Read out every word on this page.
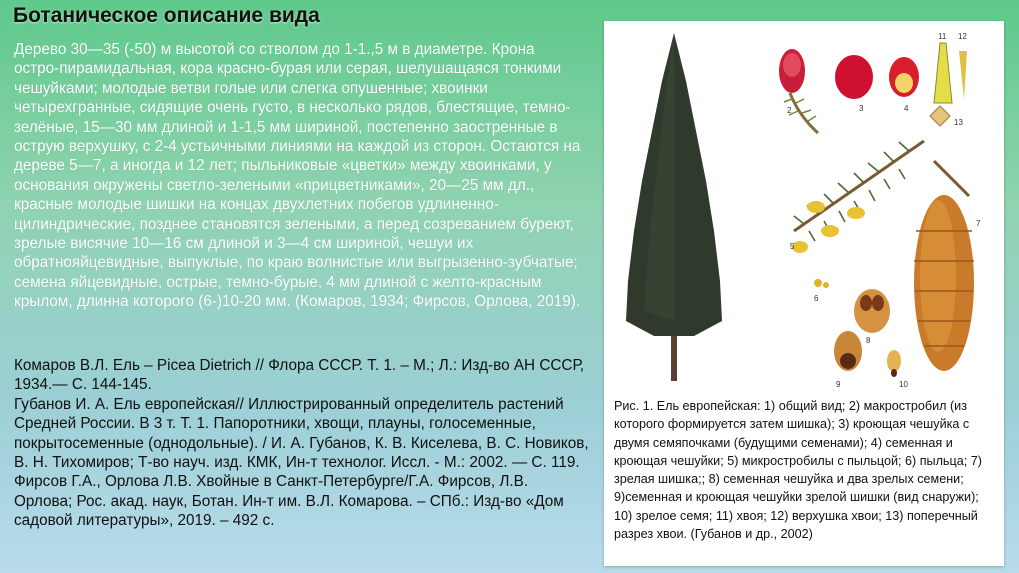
Ботаническое описание вида

Дерево 30—35 (-50) м высотой со стволом до 1-1.,5 м в диаметре. Крона остро-пирамидальная, кора красно-бурая или серая, шелушащаяся тонкими чешуйками; молодые ветви голые или слегка опушенные; хвоинки четырехгранные, сидящие очень густо, в несколько рядов, блестящие, темно-зелёные, 15—30 мм длиной и 1-1,5 мм шириной, постепенно заостренные в острую верхушку, с 2-4 устьичными линиями на каждой из сторон. Остаются на дереве 5—7, а иногда и 12 лет; пыльниковые «цветки» между хвоинками, у основания окружены светло-зелеными «прицветниками», 20—25 мм дл., красные молодые шишки на концах двухлетних побегов удлиненно-цилиндрические, позднее становятся зелеными, а перед созреванием буреют, зрелые висячие 10—16 см длиной и 3—4 см шириной, чешуи их обратнояйцевидные, выпуклые, по краю волнистые или выгрызенно-зубчатые; семена яйцевидные, острые, темно-бурые, 4 мм длиной с желто-красным крылом, длинна которого (6-)10-20 мм. (Комаров, 1934; Фирсов, Орлова, 2019).

Комаров В.Л. Ель – Picea Dietrich // Флора СССР. Т. 1. – М.; Л.: Изд-во АН СССР, 1934.— С. 144-145.

Губанов И. А. Ель европейская// Иллюстрированный определитель растений Средней России. В 3 т. Т. 1. Папоротники, хвощи, плауны, голосеменные, покрытосеменные (однодольные). / И. А. Губанов, К. В. Киселева, В. С. Новиков, В. Н. Тихомиров; Т-во науч. изд. КМК, Ин-т технолог. Иссл. - М.: 2002. — С. 119.

Фирсов Г.А., Орлова Л.В. Хвойные в Санкт-Петербурге/Г.А. Фирсов, Л.В. Орлова; Рос. акад. наук, Ботан. Ин-т им. В.Л. Комарова. – СПб.: Изд-во «Дом садовой литературы», 2019. – 492 с.

2	3	4
5
6
7
8
9	10
11 12
13
Рис. 1. Ель европейская: 1) общий вид; 2) макростробил (из которого формируется затем шишка); 3) кроющая чешуйка с двумя семяпочками (будущими семенами); 4) семенная и кроющая чешуйки; 5) микростробилы с пыльцой; 6) пыльца; 7) зрелая шишка;; 8) семенная чешуйка и два зрелых семени; 9)семенная и кроющая чешуйки зрелой шишки (вид снаружи); 10) зрелое семя; 11) хвоя; 12) верхушка хвои; 13) поперечный разрез хвои. (Губанов и др., 2002)
